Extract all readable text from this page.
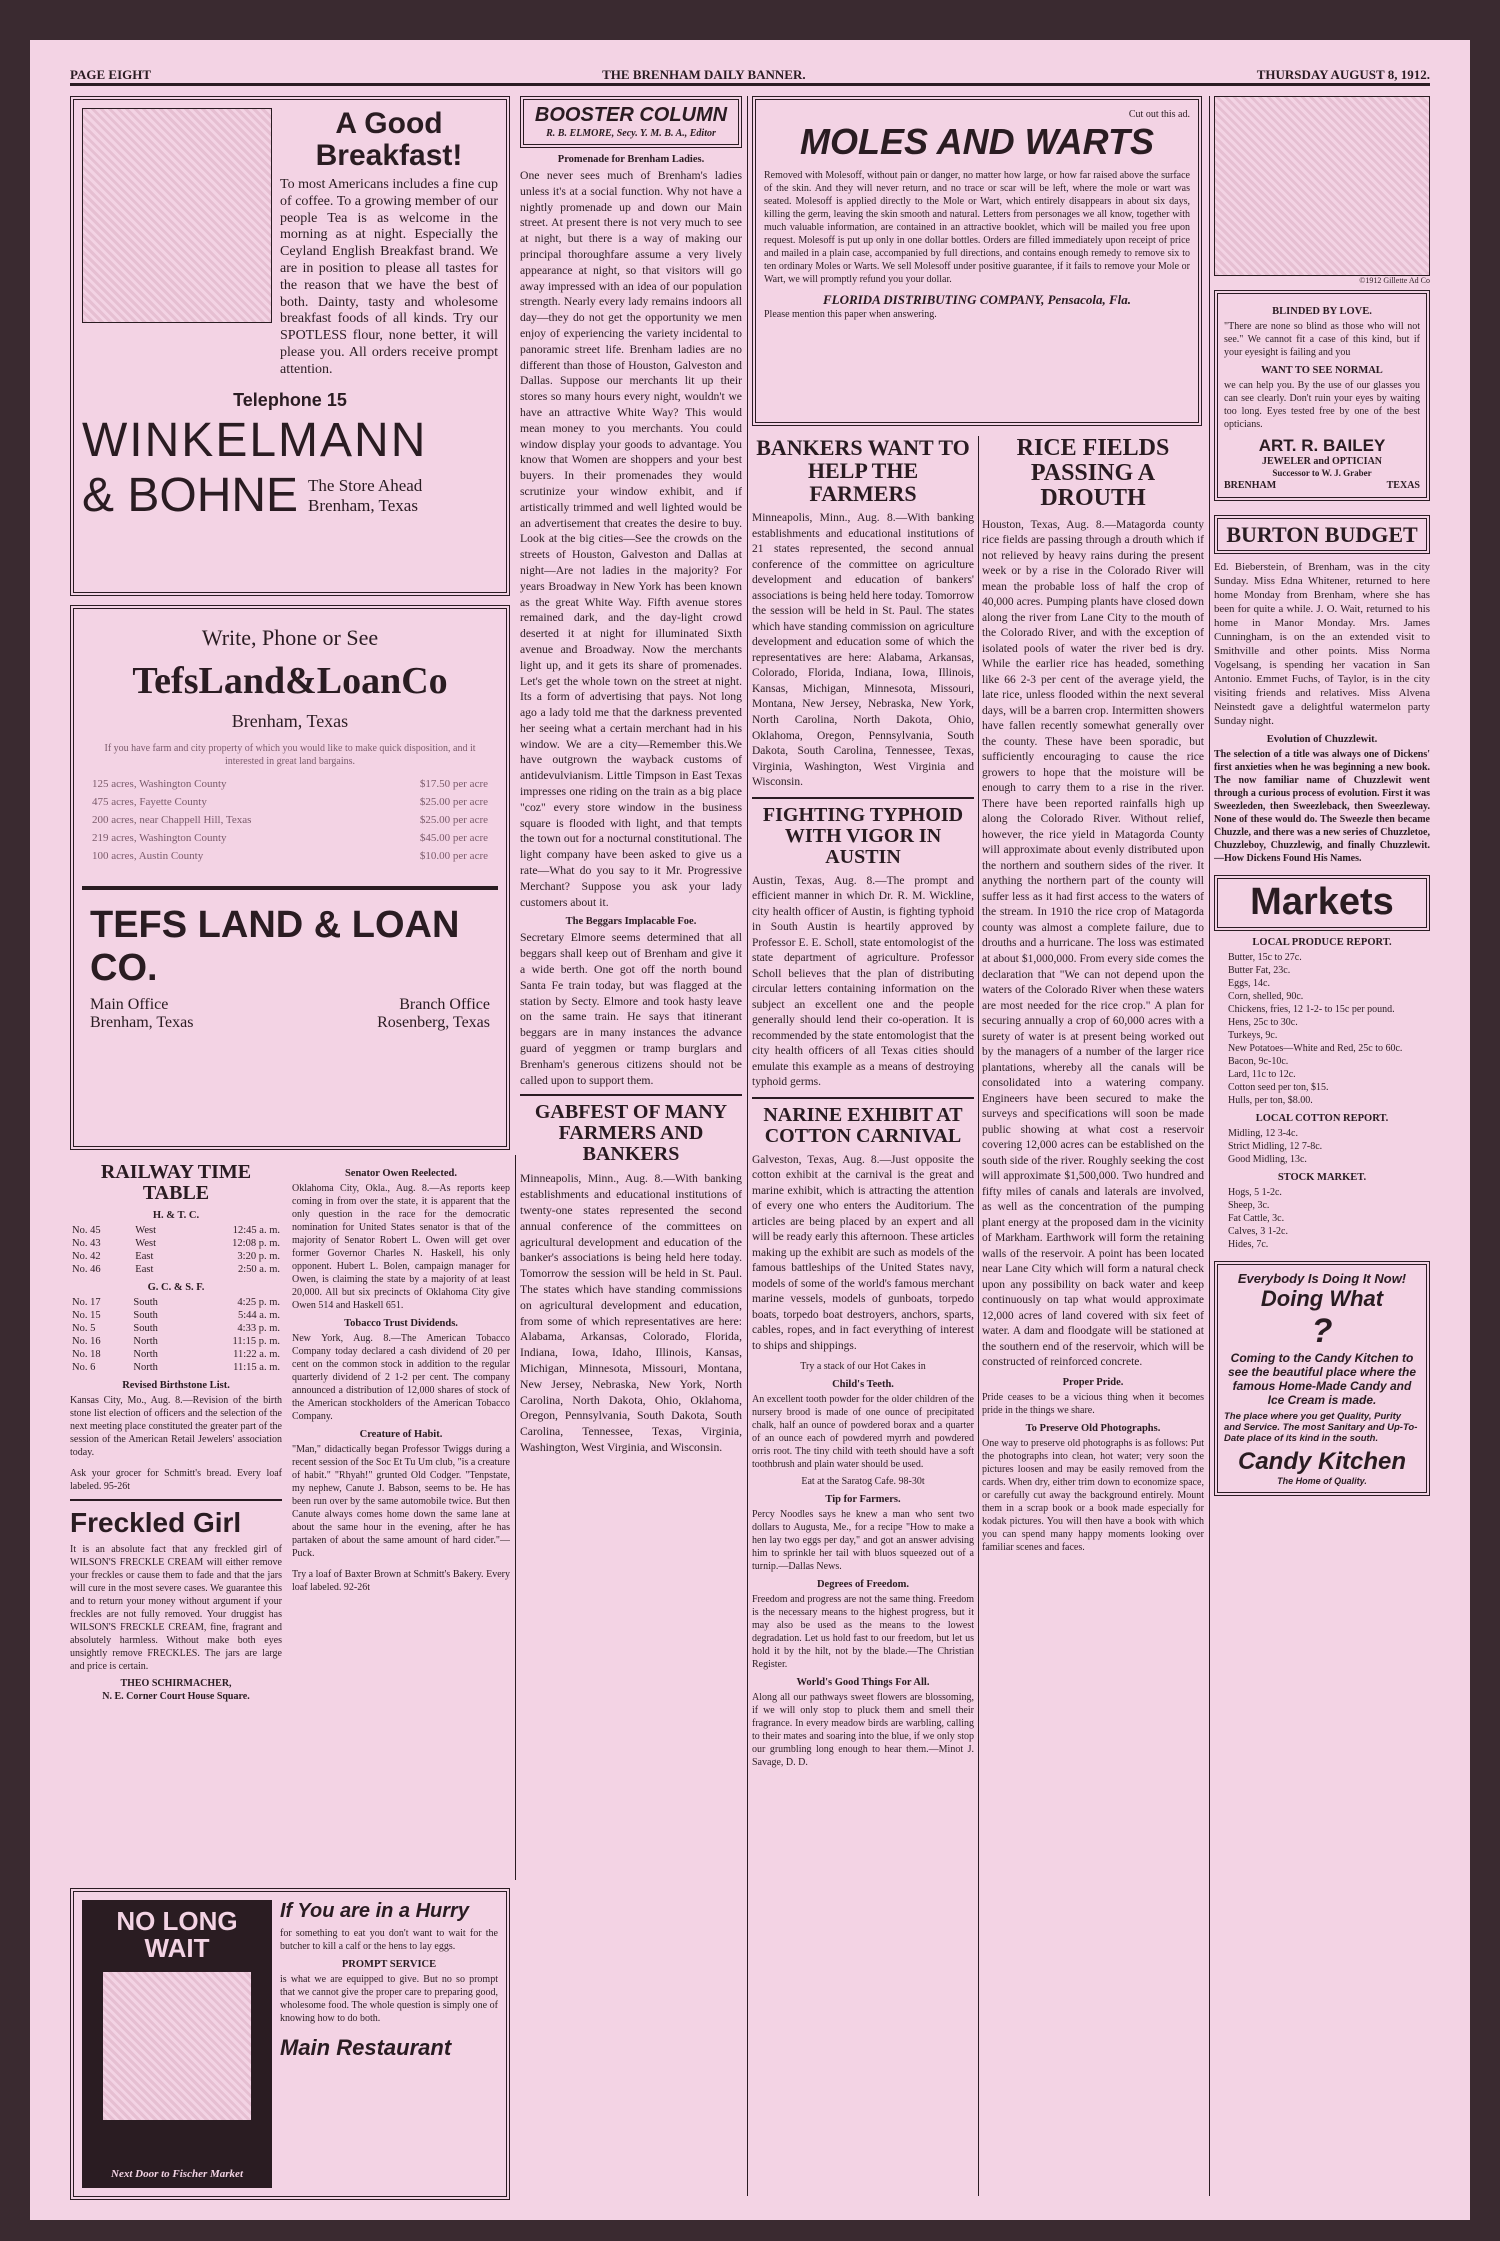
PAGE EIGHT	THE BRENHAM DAILY BANNER.	THURSDAY AUGUST 8, 1912.
A Good
Breakfast!
To most Americans includes a fine cup of coffee. To a growing member of our people Tea is as welcome in the morning as at night. Especially the Ceyland English Breakfast brand. We are in position to please all tastes for the reason that we have the best of both. Dainty, tasty and wholesome breakfast foods of all kinds. Try our SPOTLESS flour, none better, it will please you. All orders receive prompt attention.
Telephone 15
WINKELMANN
& BOHNE The Store Ahead
Brenham, Texas
Write, Phone or See
TefsLand&LoanCo
Brenham, Texas
If you have farm and city property of which you would like to make quick disposition, and it interested in great land bargains.
125 acres, Washington County	$17.50 per acre
475 acres, Fayette County	$25.00 per acre
200 acres, near Chappell Hill, Texas	$25.00 per acre
219 acres, Washington County	$45.00 per acre
100 acres, Austin County	$10.00 per acre
TEFS LAND & LOAN CO.
Main Office
Brenham, Texas
Branch Office
Rosenberg, Texas
RAILWAY TIME TABLE
H. & T. C.
No. 45	West	12:45 a. m.
No. 43	West	12:08 p. m.
No. 42	East	3:20 p. m.
No. 46	East	2:50 a. m.
G. C. & S. F.
No. 17	South	4:25 p. m.
No. 15	South	5:44 a. m.
No. 5	South	4:33 p. m.
No. 16	North	11:15 p. m.
No. 18	North	11:22 a. m.
No. 6	North	11:15 a. m.
Revised Birthstone List.
Kansas City, Mo., Aug. 8.—Revision of the birth stone list election of officers and the selection of the next meeting place constituted the greater part of the session of the American Retail Jewelers' association today.
Ask your grocer for Schmitt's bread. Every loaf labeled. 95-26t
Freckled Girl
It is an absolute fact that any freckled girl of WILSON'S FRECKLE CREAM will either remove your freckles or cause them to fade and that the jars will cure in the most severe cases. We guarantee this and to return your money without argument if your freckles are not fully removed. Your druggist has WILSON'S FRECKLE CREAM, fine, fragrant and absolutely harmless. Without make both eyes unsightly remove FRECKLES. The jars are large and price is certain.
THEO SCHIRMACHER,
N. E. Corner Court House Square.
Senator Owen Reelected.
Oklahoma City, Okla., Aug. 8.—As reports keep coming in from over the state, it is apparent that the only question in the race for the democratic nomination for United States senator is that of the majority of Senator Robert L. Owen will get over former Governor Charles N. Haskell, his only opponent. Hubert L. Bolen, campaign manager for Owen, is claiming the state by a majority of at least 20,000. All but six precincts of Oklahoma City give Owen 514 and Haskell 651.
Tobacco Trust Dividends.
New York, Aug. 8.—The American Tobacco Company today declared a cash dividend of 20 per cent on the common stock in addition to the regular quarterly dividend of 2 1-2 per cent. The company announced a distribution of 12,000 shares of stock of the American stockholders of the American Tobacco Company.
Creature of Habit.
"Man," didactically began Professor Twiggs during a recent session of the Soc Et Tu Um club, "is a creature of habit." "Rhyah!" grunted Old Codger. "Tenpstate, my nephew, Canute J. Babson, seems to be. He has been run over by the same automobile twice. But then Canute always comes home down the same lane at about the same hour in the evening, after he has partaken of about the same amount of hard cider."—Puck.
Try a loaf of Baxter Brown at Schmitt's Bakery. Every loaf labeled. 92-26t
NO LONG
WAIT
Next Door to Fischer Market
If You are in a Hurry
for something to eat you don't want to wait for the butcher to kill a calf or the hens to lay eggs.
PROMPT SERVICE
is what we are equipped to give. But no so prompt that we cannot give the proper care to preparing good, wholesome food. The whole question is simply one of knowing how to do both.
Main Restaurant
BOOSTER COLUMN
R. B. ELMORE, Secy. Y. M. B. A., Editor
Promenade for Brenham Ladies.
One never sees much of Brenham's ladies unless it's at a social function. Why not have a nightly promenade up and down our Main street. At present there is not very much to see at night, but there is a way of making our principal thoroughfare assume a very lively appearance at night, so that visitors will go away impressed with an idea of our population strength. Nearly every lady remains indoors all day—they do not get the opportunity we men enjoy of experiencing the variety incidental to panoramic street life. Brenham ladies are no different than those of Houston, Galveston and Dallas. Suppose our merchants lit up their stores so many hours every night, wouldn't we have an attractive White Way? This would mean money to you merchants. You could window display your goods to advantage. You know that Women are shoppers and your best buyers. In their promenades they would scrutinize your window exhibit, and if artistically trimmed and well lighted would be an advertisement that creates the desire to buy. Look at the big cities—See the crowds on the streets of Houston, Galveston and Dallas at night—Are not ladies in the majority? For years Broadway in New York has been known as the great White Way. Fifth avenue stores remained dark, and the day-light crowd deserted it at night for illuminated Sixth avenue and Broadway. Now the merchants light up, and it gets its share of promenades. Let's get the whole town on the street at night. Its a form of advertising that pays. Not long ago a lady told me that the darkness prevented her seeing what a certain merchant had in his window. We are a city—Remember this.We have outgrown the wayback customs of antidevulvianism. Little Timpson in East Texas impresses one riding on the train as a big place "coz" every store window in the business square is flooded with light, and that tempts the town out for a nocturnal constitutional. The light company have been asked to give us a rate—What do you say to it Mr. Progressive Merchant? Suppose you ask your lady customers about it.
The Beggars Implacable Foe.
Secretary Elmore seems determined that all beggars shall keep out of Brenham and give it a wide berth. One got off the north bound Santa Fe train today, but was flagged at the station by Secty. Elmore and took hasty leave on the same train. He says that itinerant beggars are in many instances the advance guard of yeggmen or tramp burglars and Brenham's generous citizens should not be called upon to support them.
GABFEST OF MANY FARMERS AND BANKERS
Minneapolis, Minn., Aug. 8.—With banking establishments and educational institutions of twenty-one states represented the second annual conference of the committees on agricultural development and education of the banker's associations is being held here today. Tomorrow the session will be held in St. Paul. The states which have standing commissions on agricultural development and education, from some of which representatives are here: Alabama, Arkansas, Colorado, Florida, Indiana, Iowa, Idaho, Illinois, Kansas, Michigan, Minnesota, Missouri, Montana, New Jersey, Nebraska, New York, North Carolina, North Dakota, Ohio, Oklahoma, Oregon, Pennsylvania, South Dakota, South Carolina, Tennessee, Texas, Virginia, Washington, West Virginia, and Wisconsin.
Cut out this ad.
MOLES AND WARTS
Removed with Molesoff, without pain or danger, no matter how large, or how far raised above the surface of the skin. And they will never return, and no trace or scar will be left, where the mole or wart was seated. Molesoff is applied directly to the Mole or Wart, which entirely disappears in about six days, killing the germ, leaving the skin smooth and natural. Letters from personages we all know, together with much valuable information, are contained in an attractive booklet, which will be mailed you free upon request. Molesoff is put up only in one dollar bottles. Orders are filled immediately upon receipt of price and mailed in a plain case, accompanied by full directions, and contains enough remedy to remove six to ten ordinary Moles or Warts. We sell Molesoff under positive guarantee, if it fails to remove your Mole or Wart, we will promptly refund you your dollar.
FLORIDA DISTRIBUTING COMPANY, Pensacola, Fla.
Please mention this paper when answering.
BANKERS WANT TO HELP THE FARMERS
Minneapolis, Minn., Aug. 8.—With banking establishments and educational institutions of 21 states represented, the second annual conference of the committee on agriculture development and education of bankers' associations is being held here today. Tomorrow the session will be held in St. Paul. The states which have standing commission on agriculture development and education some of which the representatives are here: Alabama, Arkansas, Colorado, Florida, Indiana, Iowa, Illinois, Kansas, Michigan, Minnesota, Missouri, Montana, New Jersey, Nebraska, New York, North Carolina, North Dakota, Ohio, Oklahoma, Oregon, Pennsylvania, South Dakota, South Carolina, Tennessee, Texas, Virginia, Washington, West Virginia and Wisconsin.
FIGHTING TYPHOID WITH VIGOR IN AUSTIN
Austin, Texas, Aug. 8.—The prompt and efficient manner in which Dr. R. M. Wickline, city health officer of Austin, is fighting typhoid in South Austin is heartily approved by Professor E. E. Scholl, state entomologist of the state department of agriculture. Professor Scholl believes that the plan of distributing circular letters containing information on the subject an excellent one and the people generally should lend their co-operation. It is recommended by the state entomologist that the city health officers of all Texas cities should emulate this example as a means of destroying typhoid germs.
NARINE EXHIBIT AT COTTON CARNIVAL
Galveston, Texas, Aug. 8.—Just opposite the cotton exhibit at the carnival is the great and marine exhibit, which is attracting the attention of every one who enters the Auditorium. The articles are being placed by an expert and all will be ready early this afternoon. These articles making up the exhibit are such as models of the famous battleships of the United States navy, models of some of the world's famous merchant marine vessels, models of gunboats, torpedo boats, torpedo boat destroyers, anchors, sparts, cables, ropes, and in fact everything of interest to ships and shippings.
Try a stack of our Hot Cakes in
Child's Teeth.
An excellent tooth powder for the older children of the nursery brood is made of one ounce of precipitated chalk, half an ounce of powdered borax and a quarter of an ounce each of powdered myrrh and powdered orris root. The tiny child with teeth should have a soft toothbrush and plain water should be used.
Eat at the Saratog Cafe. 98-30t
Tip for Farmers.
Percy Noodles says he knew a man who sent two dollars to Augusta, Me., for a recipe "How to make a hen lay two eggs per day," and got an answer advising him to sprinkle her tail with bluos squeezed out of a turnip.—Dallas News.
Degrees of Freedom.
Freedom and progress are not the same thing. Freedom is the necessary means to the highest progress, but it may also be used as the means to the lowest degradation. Let us hold fast to our freedom, but let us hold it by the hilt, not by the blade.—The Christian Register.
World's Good Things For All.
Along all our pathways sweet flowers are blossoming, if we will only stop to pluck them and smell their fragrance. In every meadow birds are warbling, calling to their mates and soaring into the blue, if we only stop our grumbling long enough to hear them.—Minot J. Savage, D. D.
RICE FIELDS PASSING A DROUTH
Houston, Texas, Aug. 8.—Matagorda county rice fields are passing through a drouth which if not relieved by heavy rains during the present week or by a rise in the Colorado River will mean the probable loss of half the crop of 40,000 acres. Pumping plants have closed down along the river from Lane City to the mouth of the Colorado River, and with the exception of isolated pools of water the river bed is dry. While the earlier rice has headed, something like 66 2-3 per cent of the average yield, the late rice, unless flooded within the next several days, will be a barren crop. Intermitten showers have fallen recently somewhat generally over the county. These have been sporadic, but sufficiently encouraging to cause the rice growers to hope that the moisture will be enough to carry them to a rise in the river. There have been reported rainfalls high up along the Colorado River. Without relief, however, the rice yield in Matagorda County will approximate about evenly distributed upon the northern and southern sides of the river. It anything the northern part of the county will suffer less as it had first access to the waters of the stream. In 1910 the rice crop of Matagorda county was almost a complete failure, due to drouths and a hurricane. The loss was estimated at about $1,000,000. From every side comes the declaration that "We can not depend upon the waters of the Colorado River when these waters are most needed for the rice crop." A plan for securing annually a crop of 60,000 acres with a surety of water is at present being worked out by the managers of a number of the larger rice plantations, whereby all the canals will be consolidated into a watering company. Engineers have been secured to make the surveys and specifications will soon be made public showing at what cost a reservoir covering 12,000 acres can be established on the south side of the river. Roughly seeking the cost will approximate $1,500,000. Two hundred and fifty miles of canals and laterals are involved, as well as the concentration of the pumping plant energy at the proposed dam in the vicinity of Markham. Earthwork will form the retaining walls of the reservoir. A point has been located near Lane City which will form a natural check upon any possibility on back water and keep continuously on tap what would approximate 12,000 acres of land covered with six feet of water. A dam and floodgate will be stationed at the southern end of the reservoir, which will be constructed of reinforced concrete.
Proper Pride.
Pride ceases to be a vicious thing when it becomes pride in the things we share.
To Preserve Old Photographs.
One way to preserve old photographs is as follows: Put the photographs into clean, hot water; very soon the pictures loosen and may be easily removed from the cards. When dry, either trim down to economize space, or carefully cut away the background entirely. Mount them in a scrap book or a book made especially for kodak pictures. You will then have a book with which you can spend many happy moments looking over familiar scenes and faces.
©1912 Gillette Ad Co
BLINDED BY LOVE.
"There are none so blind as those who will not see." We cannot fit a case of this kind, but if your eyesight is failing and you
WANT TO SEE NORMAL
we can help you. By the use of our glasses you can see clearly. Don't ruin your eyes by waiting too long. Eyes tested free by one of the best opticians.
ART. R. BAILEY
JEWELER and OPTICIAN
Successor to W. J. Graber
BRENHAM	TEXAS
BURTON BUDGET
Ed. Bieberstein, of Brenham, was in the city Sunday. Miss Edna Whitener, returned to here home Monday from Brenham, where she has been for quite a while. J. O. Wait, returned to his home in Manor Monday. Mrs. James Cunningham, is on the an extended visit to Smithville and other points. Miss Norma Vogelsang, is spending her vacation in San Antonio. Emmet Fuchs, of Taylor, is in the city visiting friends and relatives. Miss Alvena Neinstedt gave a delightful watermelon party Sunday night.
Evolution of Chuzzlewit.
The selection of a title was always one of Dickens' first anxieties when he was beginning a new book. The now familiar name of Chuzzlewit went through a curious process of evolution. First it was Sweezleden, then Sweezleback, then Sweezleway. None of these would do. The Sweezle then became Chuzzle, and there was a new series of Chuzzletoe, Chuzzleboy, Chuzzlewig, and finally Chuzzlewit.—How Dickens Found His Names.
Markets
LOCAL PRODUCE REPORT.
Butter, 15c to 27c.
Butter Fat, 23c.
Eggs, 14c.
Corn, shelled, 90c.
Chickens, fries, 12 1-2- to 15c per pound.
Hens, 25c to 30c.
Turkeys, 9c.
New Potatoes—White and Red, 25c to 60c.
Bacon, 9c-10c.
Lard, 11c to 12c.
Cotton seed per ton, $15.
Hulls, per ton, $8.00.
LOCAL COTTON REPORT.
Midling, 12 3-4c.
Strict Midling, 12 7-8c.
Good Midling, 13c.
STOCK MARKET.
Hogs, 5 1-2c.
Sheep, 3c.
Fat Cattle, 3c.
Calves, 3 1-2c.
Hides, 7c.
Everybody Is Doing It Now!
Doing What
?
Coming to the Candy Kitchen to see the beautiful place where the famous Home-Made Candy and Ice Cream is made.
The place where you get Quality, Purity and Service. The most Sanitary and Up-To-Date place of its kind in the south.
Candy Kitchen
The Home of Quality.
